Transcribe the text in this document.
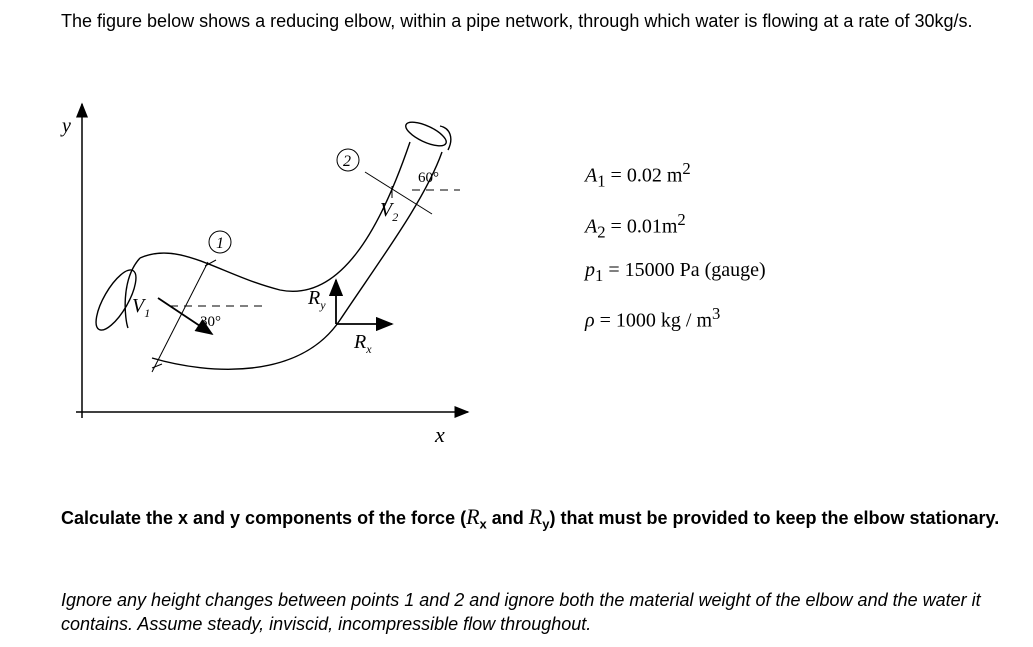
The figure below shows a reducing elbow, within a pipe network, through which water is flowing at a rate of 30kg/s.

y
x
1
2
$V_1$
30°
60°
$V_2$
$R_y$
$R_x$
$A_1 = 0.02$ $m^2$
$A_2 = 0.01m^2$
$p_1 = 15000$ Pa (gauge)
ρ = 1000 kg / $m^3$

Calculate the x and y components of the force ($R_x$ and $R_y$) that must be provided to keep the elbow stationary.

Ignore any height changes between points 1 and 2 and ignore both the material weight of the elbow and the water it contains. Assume steady, inviscid, incompressible flow throughout.
